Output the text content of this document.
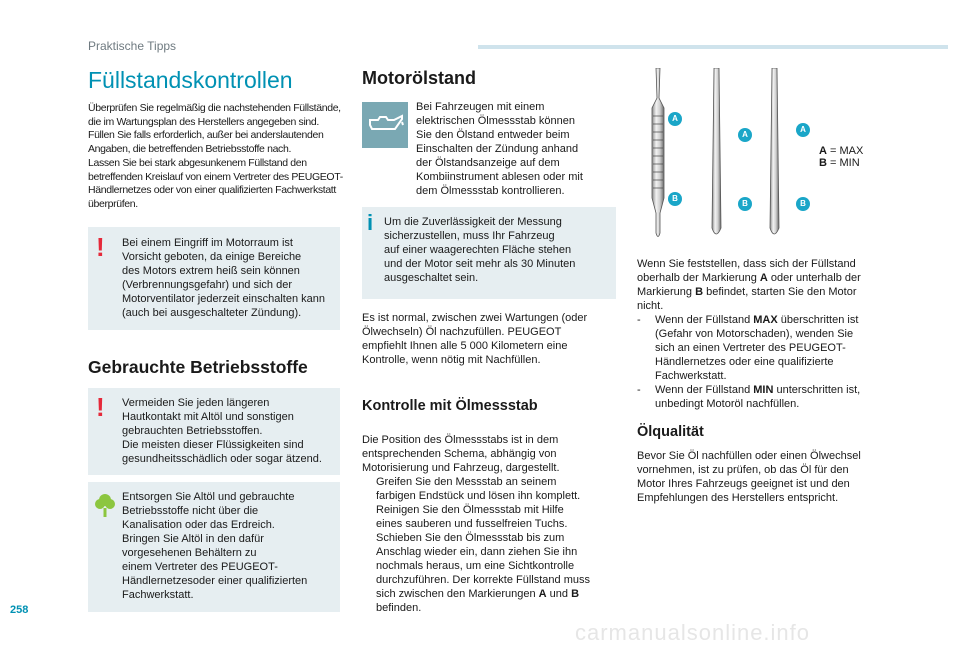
Praktische Tipps
Füllstandskontrollen
Überprüfen Sie regelmäßig die nachstehenden Füllstände,
die im Wartungsplan des Herstellers angegeben sind.
Füllen Sie falls erforderlich, außer bei anderslautenden
Angaben, die betreffenden Betriebsstoffe nach.
Lassen Sie bei stark abgesunkenem Füllstand den
betreffenden Kreislauf von einem Vertreter des PEUGEOT-
Händlernetzes oder von einer qualifizierten Fachwerkstatt
überprüfen.
! Bei einem Eingriff im Motorraum ist
Vorsicht geboten, da einige Bereiche
des Motors extrem heiß sein können
(Verbrennungsgefahr) und sich der
Motorventilator jederzeit einschalten kann
(auch bei ausgeschalteter Zündung).
Gebrauchte Betriebsstoffe
! Vermeiden Sie jeden längeren
Hautkontakt mit Altöl und sonstigen
gebrauchten Betriebsstoffen.
Die meisten dieser Flüssigkeiten sind
gesundheitsschädlich oder sogar ätzend.
Entsorgen Sie Altöl und gebrauchte
Betriebsstoffe nicht über die
Kanalisation oder das Erdreich.
Bringen Sie Altöl in den dafür
vorgesehenen Behältern zu
einem Vertreter des PEUGEOT-
Händlernetzesoder einer qualifizierten
Fachwerkstatt.
Motorölstand
Bei Fahrzeugen mit einem
elektrischen Ölmessstab können
Sie den Ölstand entweder beim
Einschalten der Zündung anhand
der Ölstandsanzeige auf dem
Kombiinstrument ablesen oder mit
dem Ölmessstab kontrollieren.
i Um die Zuverlässigkeit der Messung
sicherzustellen, muss Ihr Fahrzeug
auf einer waagerechten Fläche stehen
und der Motor seit mehr als 30 Minuten
ausgeschaltet sein.
Es ist normal, zwischen zwei Wartungen (oder
Ölwechseln) Öl nachzufüllen. PEUGEOT
empfiehlt Ihnen alle 5 000 Kilometern eine
Kontrolle, wenn nötig mit Nachfüllen.
Kontrolle mit Ölmessstab
Die Position des Ölmessstabs ist in dem
entsprechenden Schema, abhängig von
Motorisierung und Fahrzeug, dargestellt.
Greifen Sie den Messstab an seinem
farbigen Endstück und lösen ihn komplett.
Reinigen Sie den Ölmessstab mit Hilfe
eines sauberen und fusselfreien Tuchs.
Schieben Sie den Ölmessstab bis zum
Anschlag wieder ein, dann ziehen Sie ihn
nochmals heraus, um eine Sichtkontrolle
durchzuführen. Der korrekte Füllstand muss
sich zwischen den Markierungen A und B
befinden.
A
B
A
B
A
B
A = MAX
B = MIN
Wenn Sie feststellen, dass sich der Füllstand
oberhalb der Markierung A oder unterhalb der
Markierung B befindet, starten Sie den Motor
nicht.
- Wenn der Füllstand MAX überschritten ist
(Gefahr von Motorschaden), wenden Sie
sich an einen Vertreter des PEUGEOT-
Händlernetzes oder eine qualifizierte
Fachwerkstatt.
- Wenn der Füllstand MIN unterschritten ist,
unbedingt Motoröl nachfüllen.
Ölqualität
Bevor Sie Öl nachfüllen oder einen Ölwechsel
vornehmen, ist zu prüfen, ob das Öl für den
Motor Ihres Fahrzeugs geeignet ist und den
Empfehlungen des Herstellers entspricht.
258
carmanualsonline.info
